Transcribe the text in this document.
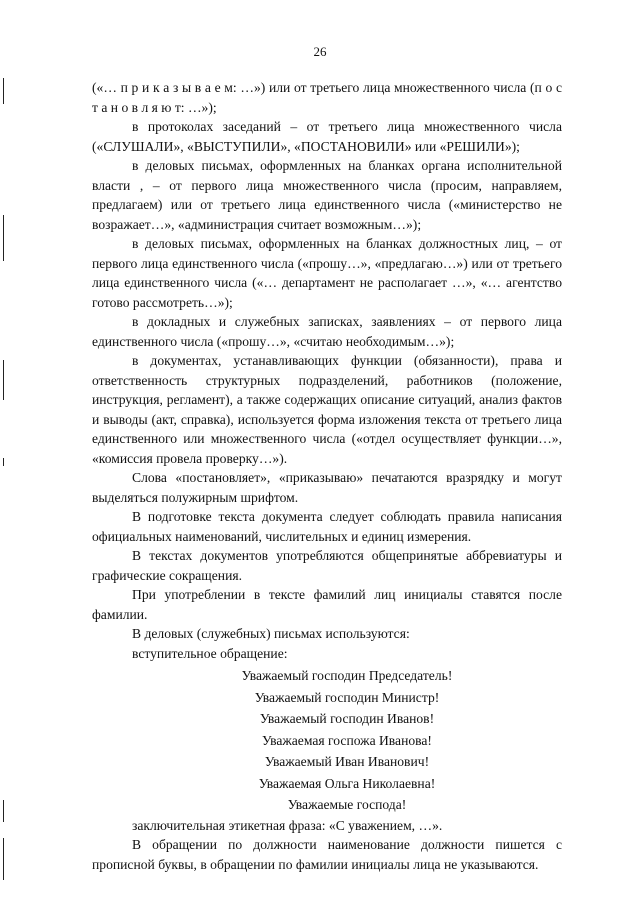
26

(«… п р и к а з ы в а е м: …») или от третьего лица множественного числа (п о с т а н о в л я ю т: …»);

в протоколах заседаний – от третьего лица множественного числа («СЛУШАЛИ», «ВЫСТУПИЛИ», «ПОСТАНОВИЛИ» или «РЕШИЛИ»);

в деловых письмах, оформленных на бланках органа исполнительной власти , – от первого лица множественного числа (просим, направляем, предлагаем) или от третьего лица единственного числа («министерство не возражает…», «администрация считает возможным…»);

в деловых письмах, оформленных на бланках должностных лиц, – от первого лица единственного числа («прошу…», «предлагаю…») или от третьего лица единственного числа («… департамент не располагает …», «… агентство готово рассмотреть…»);

в докладных и служебных записках, заявлениях – от первого лица единственного числа («прошу…», «считаю необходимым…»);

в документах, устанавливающих функции (обязанности), права и ответственность структурных подразделений, работников (положение, инструкция, регламент), а также содержащих описание ситуаций, анализ фактов и выводы (акт, справка), используется форма изложения текста от третьего лица единственного или множественного числа («отдел осуществляет функции…», «комиссия провела проверку…»).

Слова «постановляет», «приказываю» печатаются вразрядку и могут выделяться полужирным шрифтом.

В подготовке текста документа следует соблюдать правила написания официальных наименований, числительных и единиц измерения.

В текстах документов употребляются общепринятые аббревиатуры и графические сокращения.

При употреблении в тексте фамилий лиц инициалы ставятся после фамилии.

В деловых (служебных) письмах используются:

вступительное обращение:

Уважаемый господин Председатель!
Уважаемый господин Министр!
Уважаемый господин Иванов!
Уважаемая госпожа Иванова!
Уважаемый Иван Иванович!
Уважаемая Ольга Николаевна!
Уважаемые господа!

заключительная этикетная фраза: «С уважением, …».

В обращении по должности наименование должности пишется с прописной буквы, в обращении по фамилии инициалы лица не указываются.
